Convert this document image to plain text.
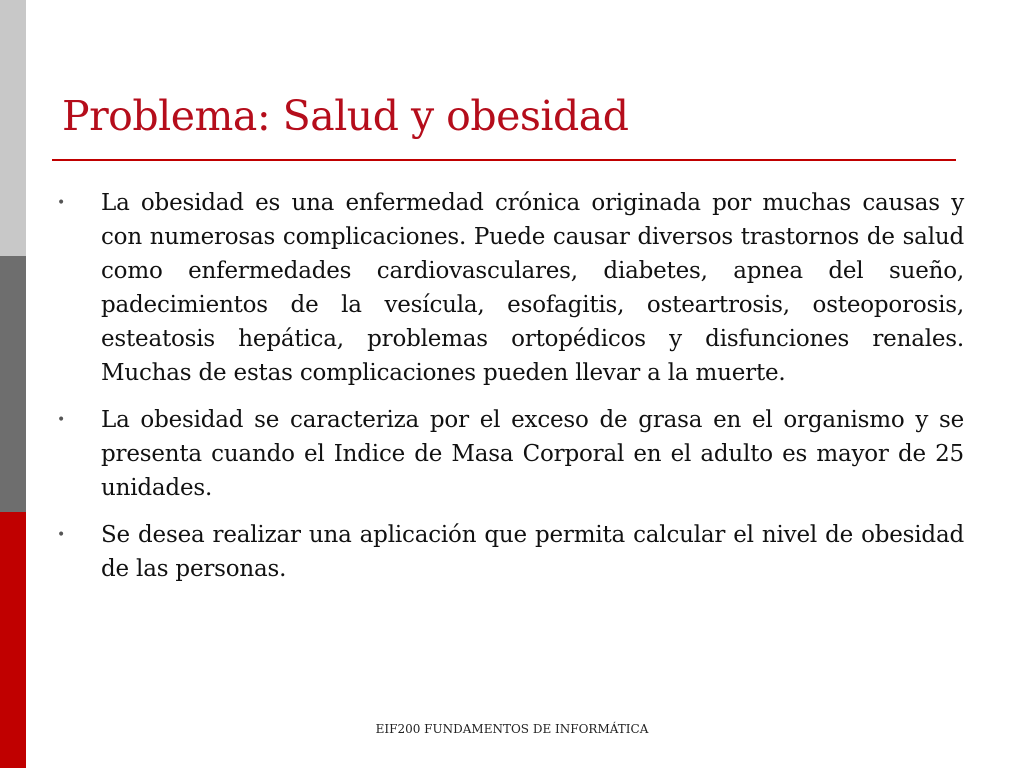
Problema: Salud y obesidad
• La obesidad es una enfermedad crónica originada por muchas causas y con numerosas complicaciones. Puede causar diversos trastornos de salud como enfermedades cardiovasculares, diabetes, apnea del sueño, padecimientos de la vesícula, esofagitis, osteartrosis, osteoporosis, esteatosis hepática, problemas ortopédicos y disfunciones renales. Muchas de estas complicaciones pueden llevar a la muerte.
• La obesidad se caracteriza por el exceso de grasa en el organismo y se presenta cuando el Indice de Masa Corporal en el adulto es mayor de 25 unidades.
• Se desea realizar una aplicación que permita calcular el nivel de obesidad de las personas.
EIF200 FUNDAMENTOS DE INFORMÁTICA
